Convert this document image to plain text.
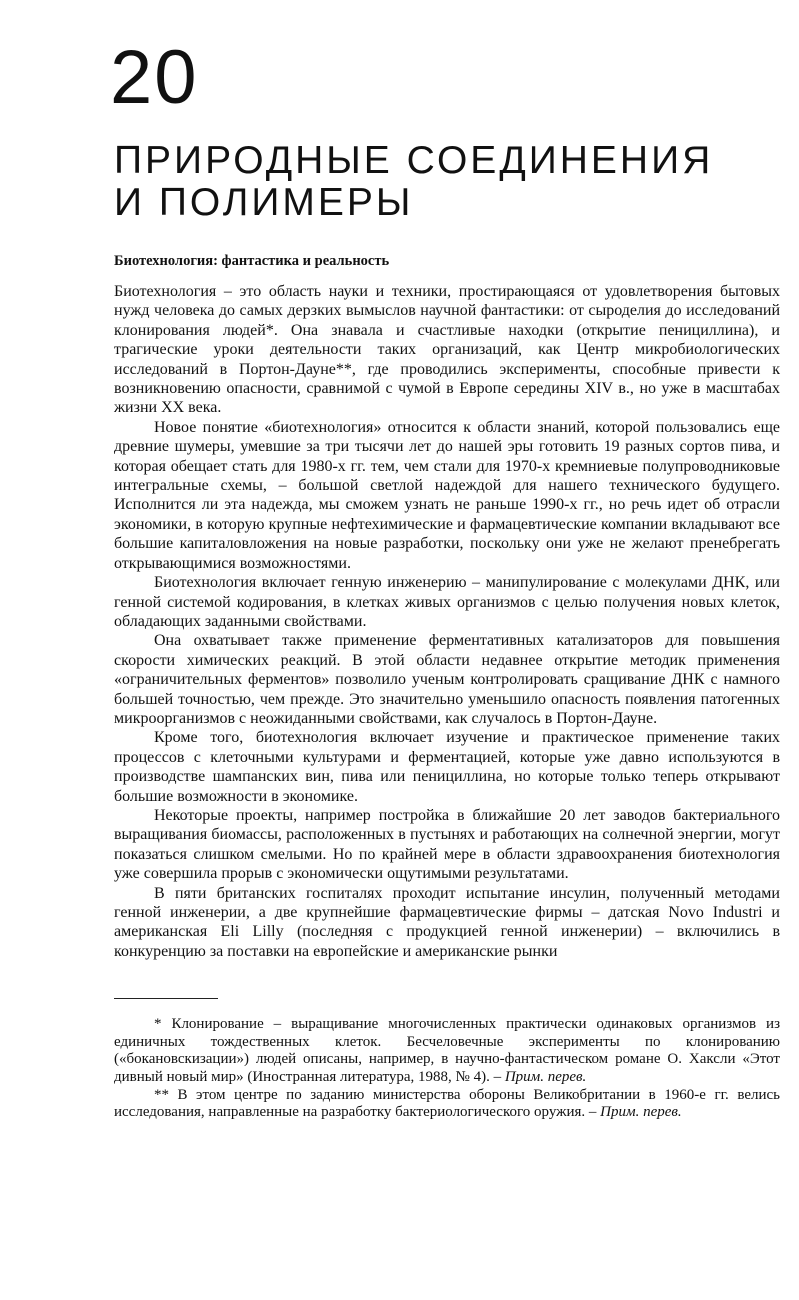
20
ПРИРОДНЫЕ СОЕДИНЕНИЯ
И ПОЛИМЕРЫ
Биотехнология: фантастика и реальность

Биотехнология – это область науки и техники, простирающаяся от удовлетворения бытовых нужд человека до самых дерзких вымыслов научной фантастики: от сыроделия до исследований клонирования людей*. Она знавала и счастливые находки (открытие пенициллина), и трагические уроки деятельности таких организаций, как Центр микробиологических исследований в Портон-Дауне**, где проводились эксперименты, способные привести к возникновению опасности, сравнимой с чумой в Европе середины XIV в., но уже в масштабах жизни XX века.

Новое понятие «биотехнология» относится к области знаний, которой пользовались еще древние шумеры, умевшие за три тысячи лет до нашей эры готовить 19 разных сортов пива, и которая обещает стать для 1980-х гг. тем, чем стали для 1970-х кремниевые полупроводниковые интегральные схемы, – большой светлой надеждой для нашего технического будущего. Исполнится ли эта надежда, мы сможем узнать не раньше 1990-х гг., но речь идет об отрасли экономики, в которую крупные нефтехимические и фармацевтические компании вкладывают все большие капиталовложения на новые разработки, поскольку они уже не желают пренебрегать открывающимися возможностями.

Биотехнология включает генную инженерию – манипулирование с молекулами ДНК, или генной системой кодирования, в клетках живых организмов с целью получения новых клеток, обладающих заданными свойствами.

Она охватывает также применение ферментативных катализаторов для повышения скорости химических реакций. В этой области недавнее открытие методик применения «ограничительных ферментов» позволило ученым контролировать сращивание ДНК с намного большей точностью, чем прежде. Это значительно уменьшило опасность появления патогенных микроорганизмов с неожиданными свойствами, как случалось в Портон-Дауне.

Кроме того, биотехнология включает изучение и практическое применение таких процессов с клеточными культурами и ферментацией, которые уже давно используются в производстве шампанских вин, пива или пенициллина, но которые только теперь открывают большие возможности в экономике.

Некоторые проекты, например постройка в ближайшие 20 лет заводов бактериального выращивания биомассы, расположенных в пустынях и работающих на солнечной энергии, могут показаться слишком смелыми. Но по крайней мере в области здравоохранения биотехнология уже совершила прорыв с экономически ощутимыми результатами.

В пяти британских госпиталях проходит испытание инсулин, полученный методами генной инженерии, а две крупнейшие фармацевтические фирмы – датская Novo Industri и американская Eli Lilly (последняя с продукцией генной инженерии) – включились в конкуренцию за поставки на европейские и американские рынки

* Клонирование – выращивание многочисленных практически одинаковых организмов из единичных тождественных клеток. Бесчеловечные эксперименты по клонированию («бокановскизации») людей описаны, например, в научно-фантастическом романе О. Хаксли «Этот дивный новый мир» (Иностранная литература, 1988, № 4). – Прим. перев.

** В этом центре по заданию министерства обороны Великобритании в 1960-е гг. велись исследования, направленные на разработку бактериологического оружия. – Прим. перев.
